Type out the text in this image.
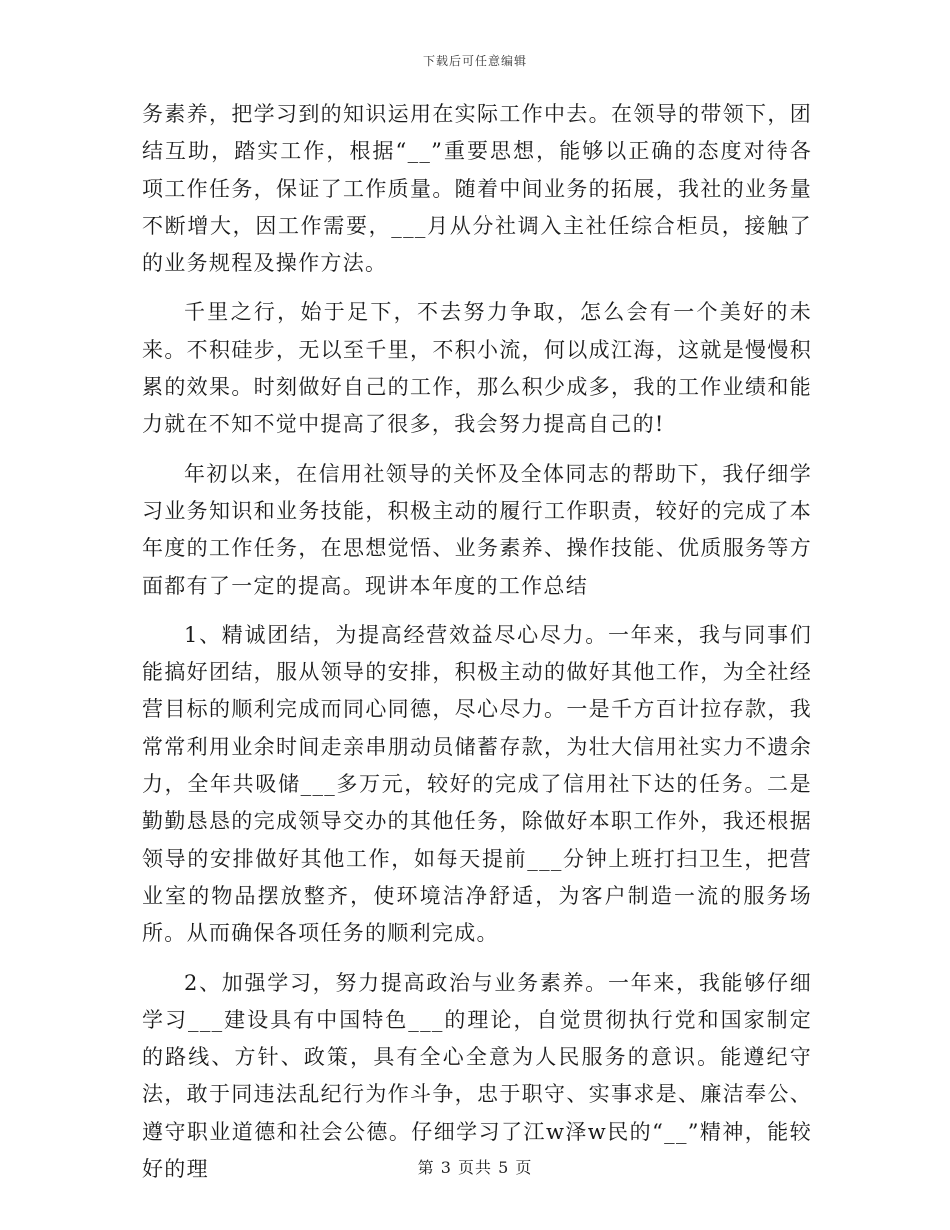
下载后可任意编辑

务素养，把学习到的知识运用在实际工作中去。在领导的带领下，团结互助，踏实工作，根据“__”重要思想，能够以正确的态度对待各项工作任务，保证了工作质量。随着中间业务的拓展，我社的业务量不断增大，因工作需要，___月从分社调入主社任综合柜员，接触了的业务规程及操作方法。

千里之行，始于足下，不去努力争取，怎么会有一个美好的未来。不积硅步，无以至千里，不积小流，何以成江海，这就是慢慢积累的效果。时刻做好自己的工作，那么积少成多，我的工作业绩和能力就在不知不觉中提高了很多，我会努力提高自己的!

年初以来，在信用社领导的关怀及全体同志的帮助下，我仔细学习业务知识和业务技能，积极主动的履行工作职责，较好的完成了本年度的工作任务，在思想觉悟、业务素养、操作技能、优质服务等方面都有了一定的提高。现讲本年度的工作总结

1、精诚团结，为提高经营效益尽心尽力。一年来，我与同事们能搞好团结，服从领导的安排，积极主动的做好其他工作，为全社经营目标的顺利完成而同心同德，尽心尽力。一是千方百计拉存款，我常常利用业余时间走亲串朋动员储蓄存款，为壮大信用社实力不遗余力，全年共吸储___多万元，较好的完成了信用社下达的任务。二是勤勤恳恳的完成领导交办的其他任务，除做好本职工作外，我还根据领导的安排做好其他工作，如每天提前___分钟上班打扫卫生，把营业室的物品摆放整齐，使环境洁净舒适，为客户制造一流的服务场所。从而确保各项任务的顺利完成。

2、加强学习，努力提高政治与业务素养。一年来，我能够仔细学习___建设具有中国特色___的理论，自觉贯彻执行党和国家制定的路线、方针、政策，具有全心全意为人民服务的意识。能遵纪守法，敢于同违法乱纪行为作斗争，忠于职守、实事求是、廉洁奉公、遵守职业道德和社会公德。仔细学习了江w泽w民的“__”精神，能较好的理	第 3 页共 5 页
